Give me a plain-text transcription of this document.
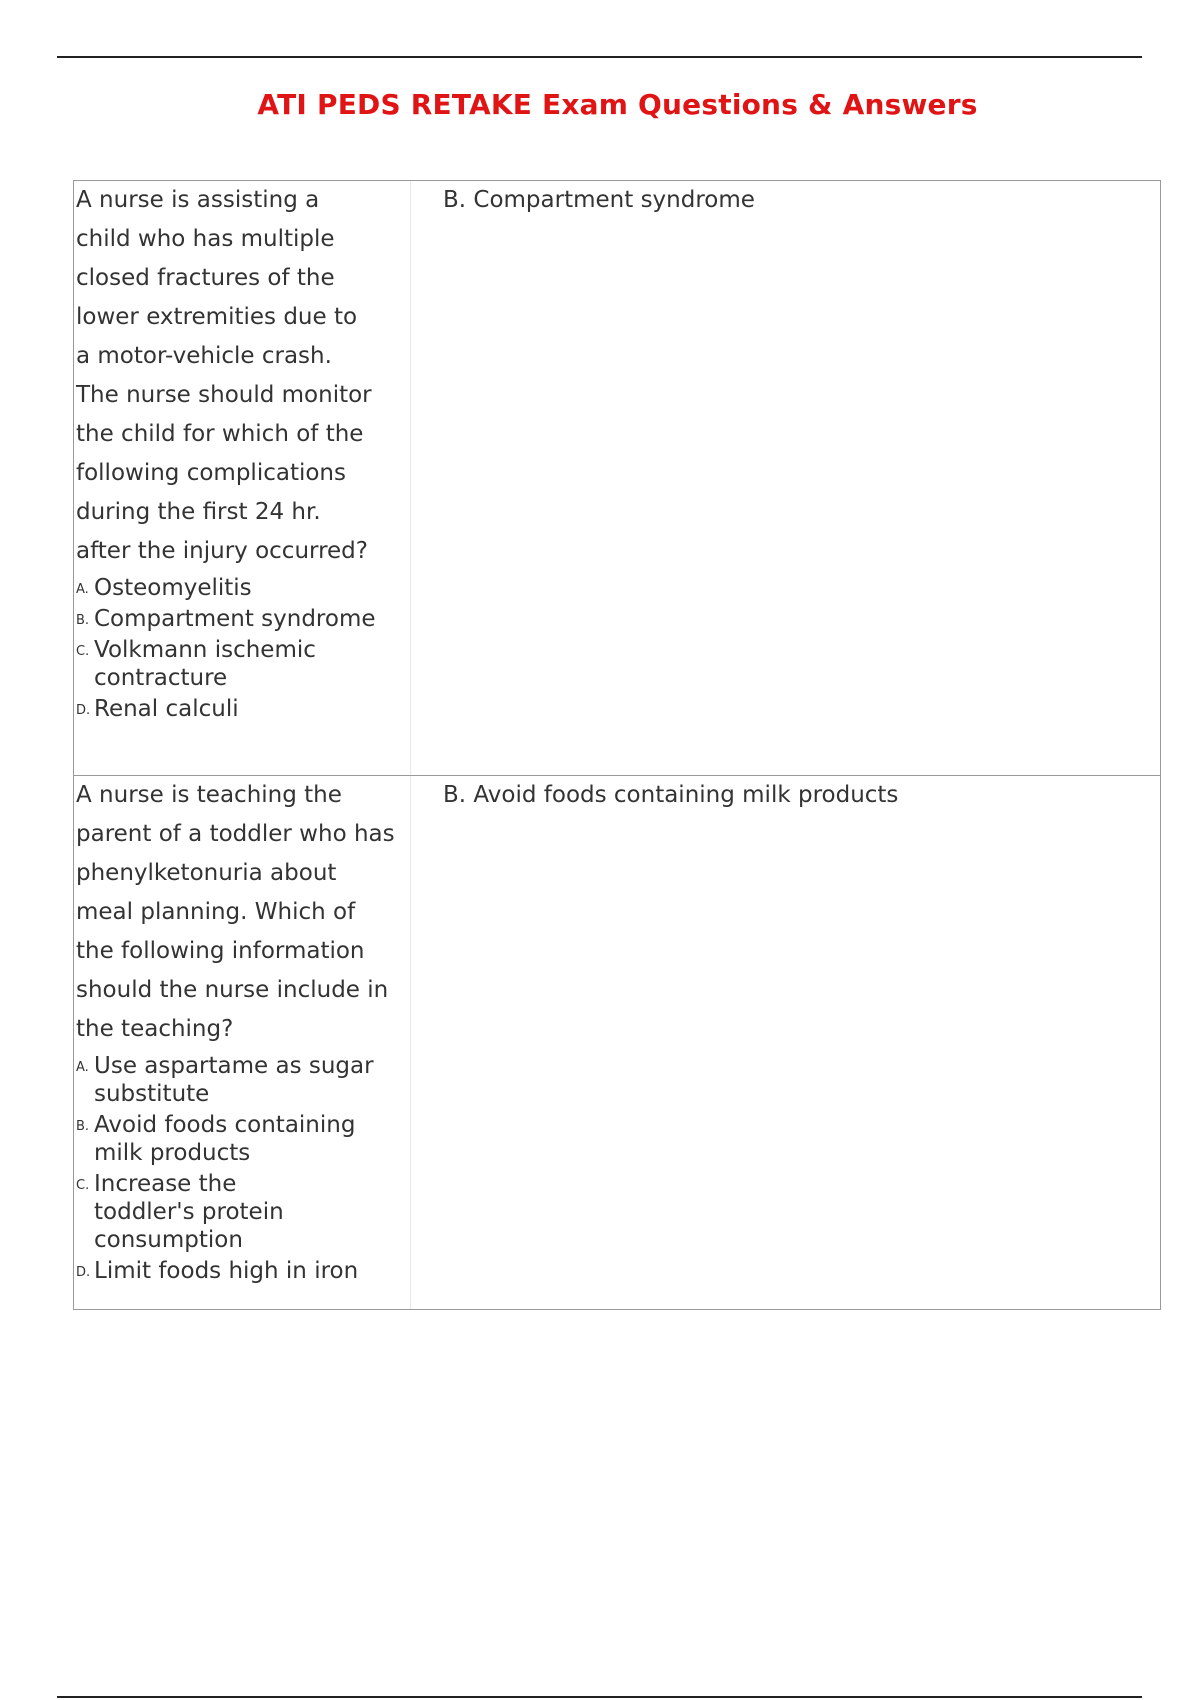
ATI PEDS RETAKE Exam Questions & Answers
A nurse is assisting a child who has multiple closed fractures of the lower extremities due to a motor-vehicle crash. The nurse should monitor the child for which of the following complications during the first 24 hr. after the injury occurred?
A. Osteomyelitis
B. Compartment syndrome
C. Volkmann ischemic contracture
D. Renal calculi
B. Compartment syndrome
A nurse is teaching the parent of a toddler who has phenylketonuria about meal planning. Which of the following information should the nurse include in the teaching?
A. Use aspartame as sugar substitute
B. Avoid foods containing milk products
C. Increase the toddler's protein consumption
D. Limit foods high in iron
B. Avoid foods containing milk products
